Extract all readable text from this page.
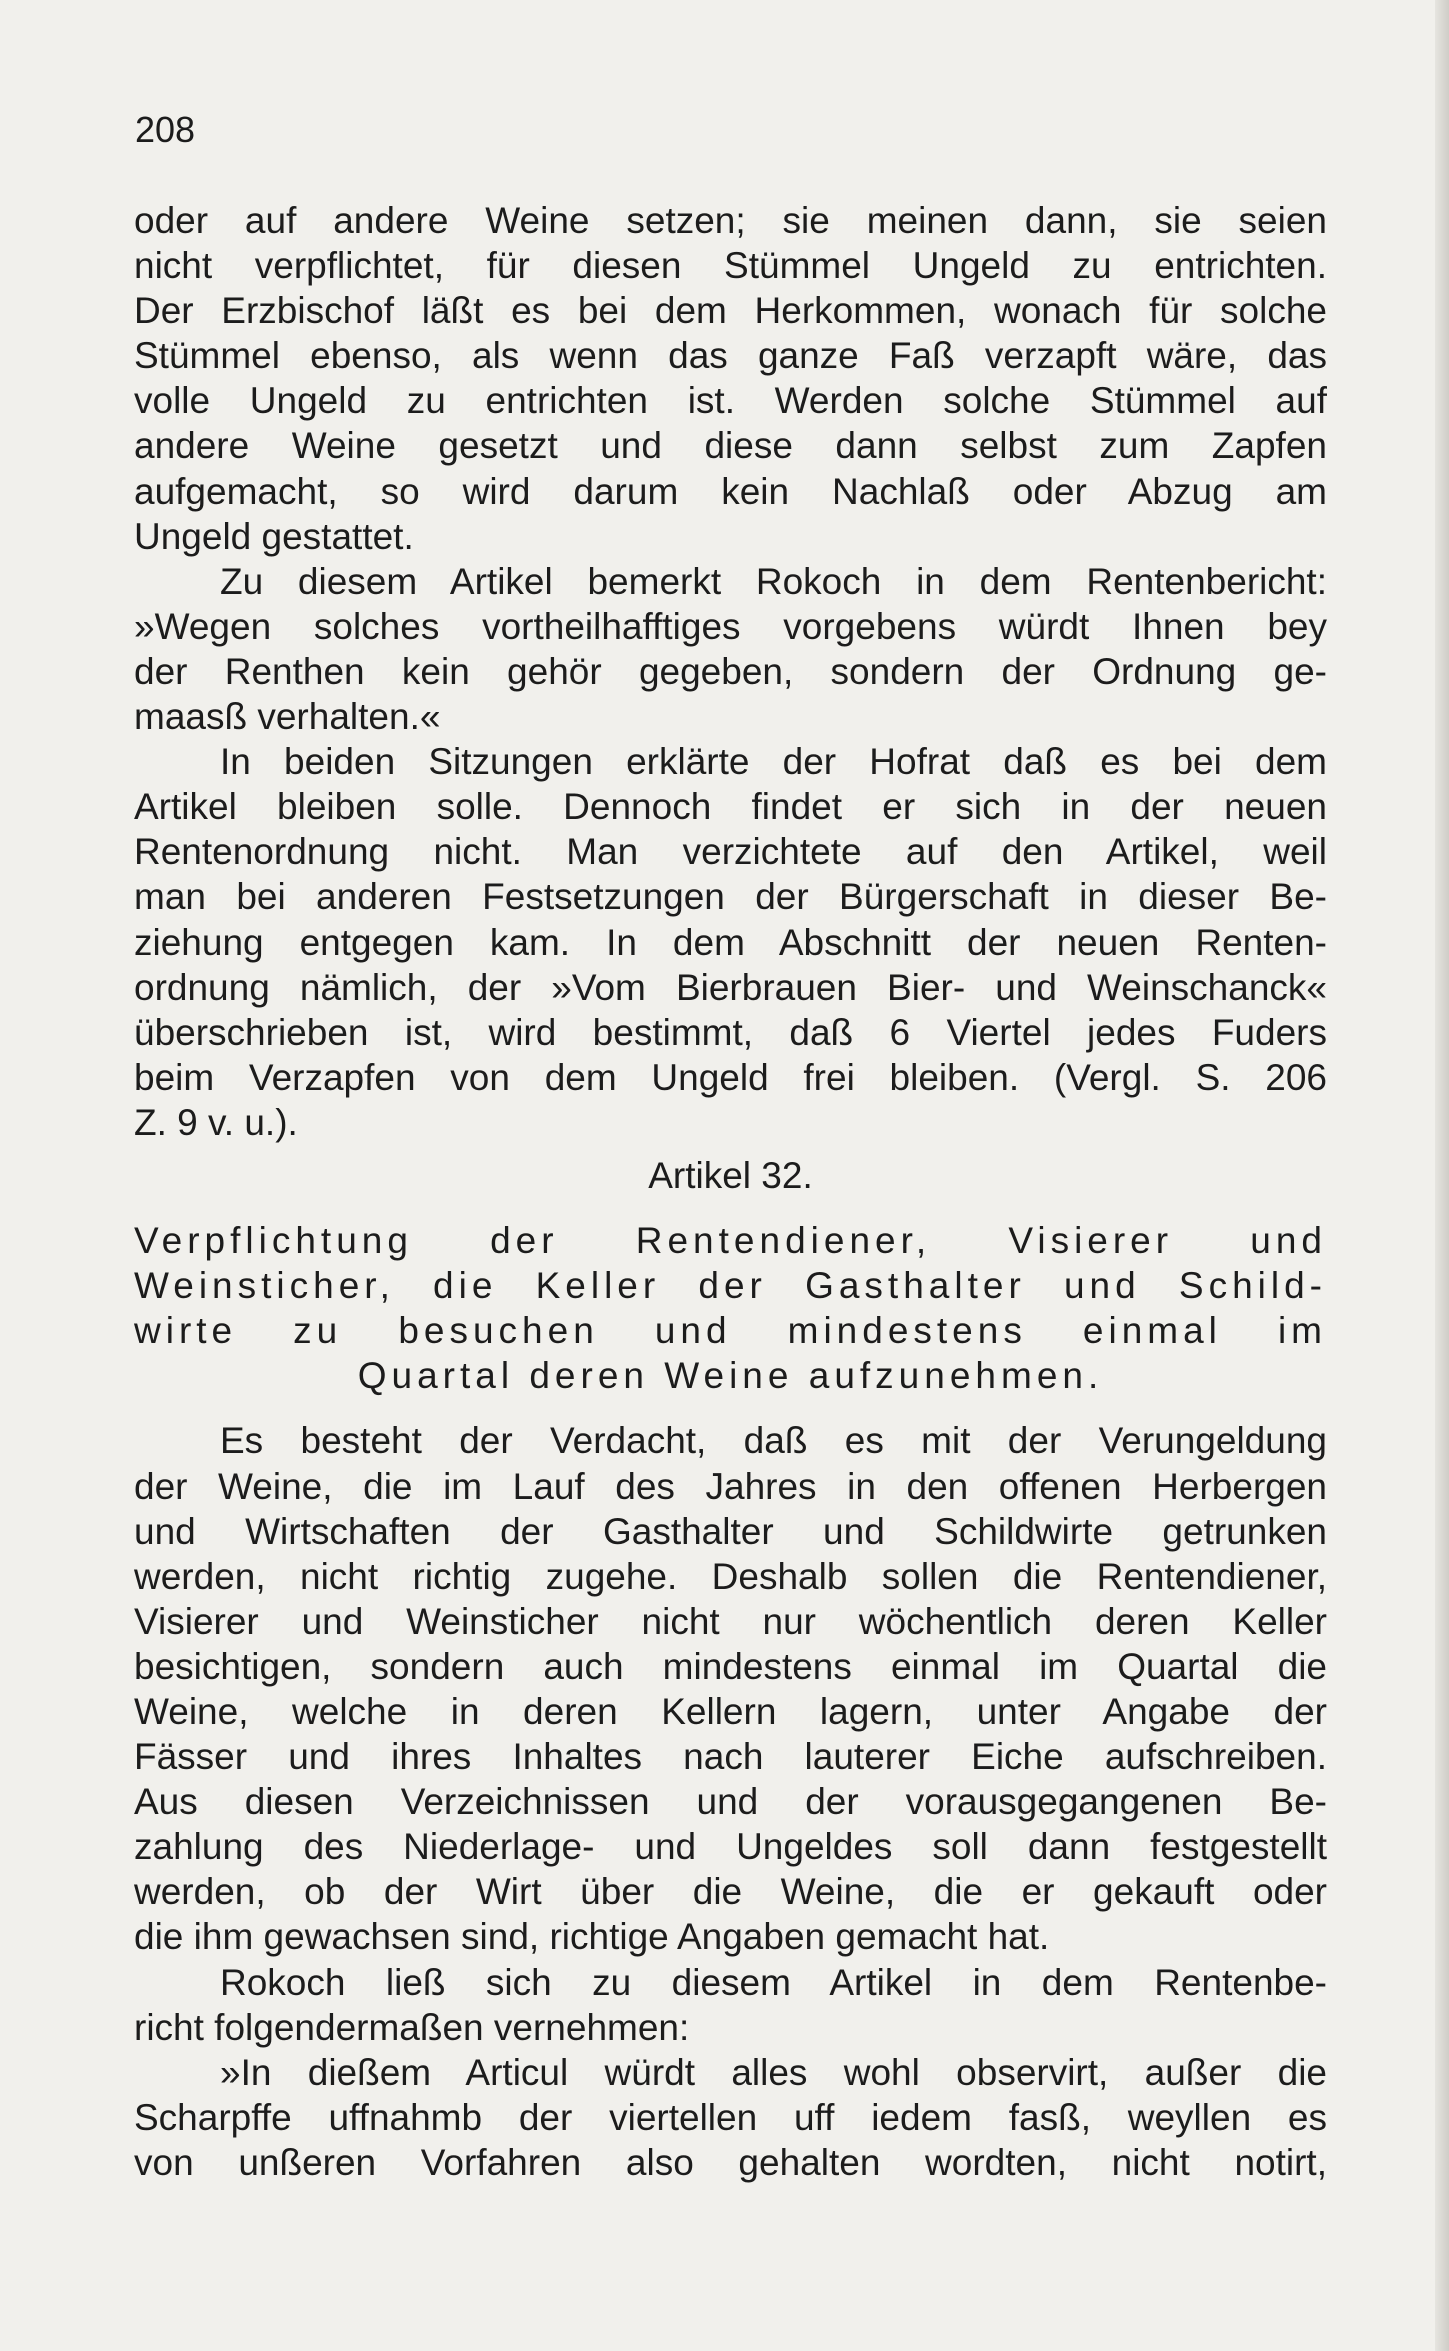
208
oder auf andere Weine setzen; sie meinen dann, sie seien
nicht verpflichtet, für diesen Stümmel Ungeld zu entrichten.
Der Erzbischof läßt es bei dem Herkommen, wonach für solche
Stümmel ebenso, als wenn das ganze Faß verzapft wäre, das
volle Ungeld zu entrichten ist. Werden solche Stümmel auf
andere Weine gesetzt und diese dann selbst zum Zapfen
aufgemacht, so wird darum kein Nachlaß oder Abzug am
Ungeld gestattet.
Zu diesem Artikel bemerkt Rokoch in dem Rentenbericht:
»Wegen solches vortheilhafftiges vorgebens würdt Ihnen bey
der Renthen kein gehör gegeben, sondern der Ordnung ge-
maasß verhalten.«
In beiden Sitzungen erklärte der Hofrat daß es bei dem
Artikel bleiben solle. Dennoch findet er sich in der neuen
Rentenordnung nicht. Man verzichtete auf den Artikel, weil
man bei anderen Festsetzungen der Bürgerschaft in dieser Be-
ziehung entgegen kam. In dem Abschnitt der neuen Renten-
ordnung nämlich, der »Vom Bierbrauen Bier- und Weinschanck«
überschrieben ist, wird bestimmt, daß 6 Viertel jedes Fuders
beim Verzapfen von dem Ungeld frei bleiben. (Vergl. S. 206
Z. 9 v. u.).
Artikel 32.
Verpflichtung der Rentendiener, Visierer und
Weinsticher, die Keller der Gasthalter und Schild-
wirte zu besuchen und mindestens einmal im
Quartal deren Weine aufzunehmen.
Es besteht der Verdacht, daß es mit der Verungeldung
der Weine, die im Lauf des Jahres in den offenen Herbergen
und Wirtschaften der Gasthalter und Schildwirte getrunken
werden, nicht richtig zugehe. Deshalb sollen die Rentendiener,
Visierer und Weinsticher nicht nur wöchentlich deren Keller
besichtigen, sondern auch mindestens einmal im Quartal die
Weine, welche in deren Kellern lagern, unter Angabe der
Fässer und ihres Inhaltes nach lauterer Eiche aufschreiben.
Aus diesen Verzeichnissen und der vorausgegangenen Be-
zahlung des Niederlage- und Ungeldes soll dann festgestellt
werden, ob der Wirt über die Weine, die er gekauft oder
die ihm gewachsen sind, richtige Angaben gemacht hat.
Rokoch ließ sich zu diesem Artikel in dem Rentenbe-
richt folgendermaßen vernehmen:
»In dießem Articul würdt alles wohl observirt, außer die
Scharpffe uffnahmb der viertellen uff iedem fasß, weyllen es
von unßeren Vorfahren also gehalten wordten, nicht notirt,
